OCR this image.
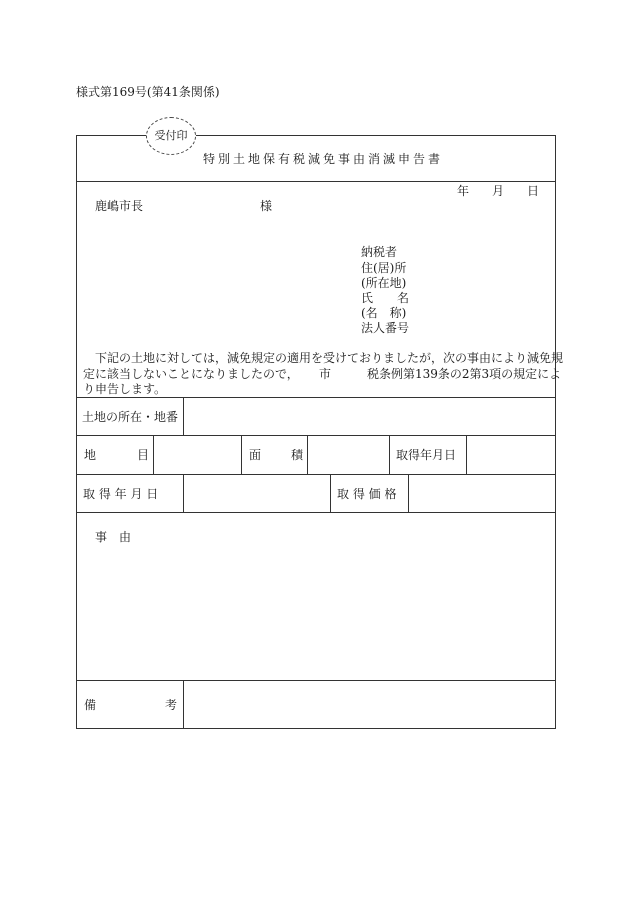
様式第169号(第41条関係)
受付印
特別土地保有税減免事由消滅申告書
年 月 日
鹿嶋市長	様
納税者
住(居)所
(所在地)
氏　　名
(名　称)
法人番号
下記の土地に対しては，減免規定の適用を受けておりましたが，次の事由により減免規
定に該当しないことになりましたので， 市	税条例第139条の2第3項の規定によ
り申告します。
土地の所在・地番
地	目	面 積	取得年月日
取 得 年 月 日	取 得 価 格
事　由
備	考
